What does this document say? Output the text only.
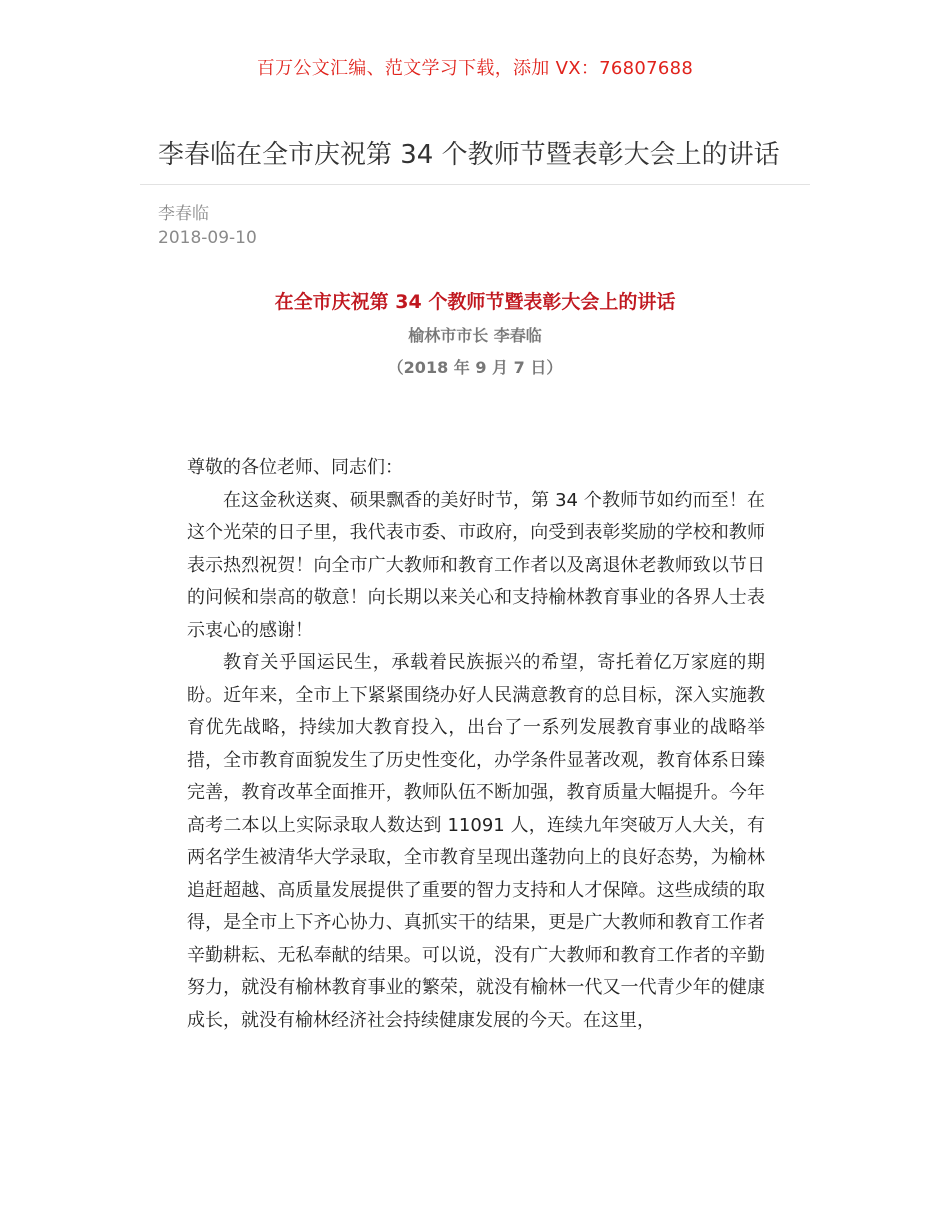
百万公文汇编、范文学习下载，添加 VX：76807688
李春临在全市庆祝第 34 个教师节暨表彰大会上的讲话
李春临
2018-09-10
在全市庆祝第 34 个教师节暨表彰大会上的讲话
榆林市市长 李春临
（2018 年 9 月 7 日）

尊敬的各位老师、同志们：

在这金秋送爽、硕果飘香的美好时节，第 34 个教师节如约而至！在这个光荣的日子里，我代表市委、市政府，向受到表彰奖励的学校和教师表示热烈祝贺！向全市广大教师和教育工作者以及离退休老教师致以节日的问候和崇高的敬意！向长期以来关心和支持榆林教育事业的各界人士表示衷心的感谢！

教育关乎国运民生，承载着民族振兴的希望，寄托着亿万家庭的期盼。近年来，全市上下紧紧围绕办好人民满意教育的总目标，深入实施教育优先战略，持续加大教育投入，出台了一系列发展教育事业的战略举措，全市教育面貌发生了历史性变化，办学条件显著改观，教育体系日臻完善，教育改革全面推开，教师队伍不断加强，教育质量大幅提升。今年高考二本以上实际录取人数达到 11091 人，连续九年突破万人大关，有两名学生被清华大学录取，全市教育呈现出蓬勃向上的良好态势，为榆林追赶超越、高质量发展提供了重要的智力支持和人才保障。这些成绩的取得，是全市上下齐心协力、真抓实干的结果，更是广大教师和教育工作者辛勤耕耘、无私奉献的结果。可以说，没有广大教师和教育工作者的辛勤努力，就没有榆林教育事业的繁荣，就没有榆林一代又一代青少年的健康成长，就没有榆林经济社会持续健康发展的今天。在这里，
